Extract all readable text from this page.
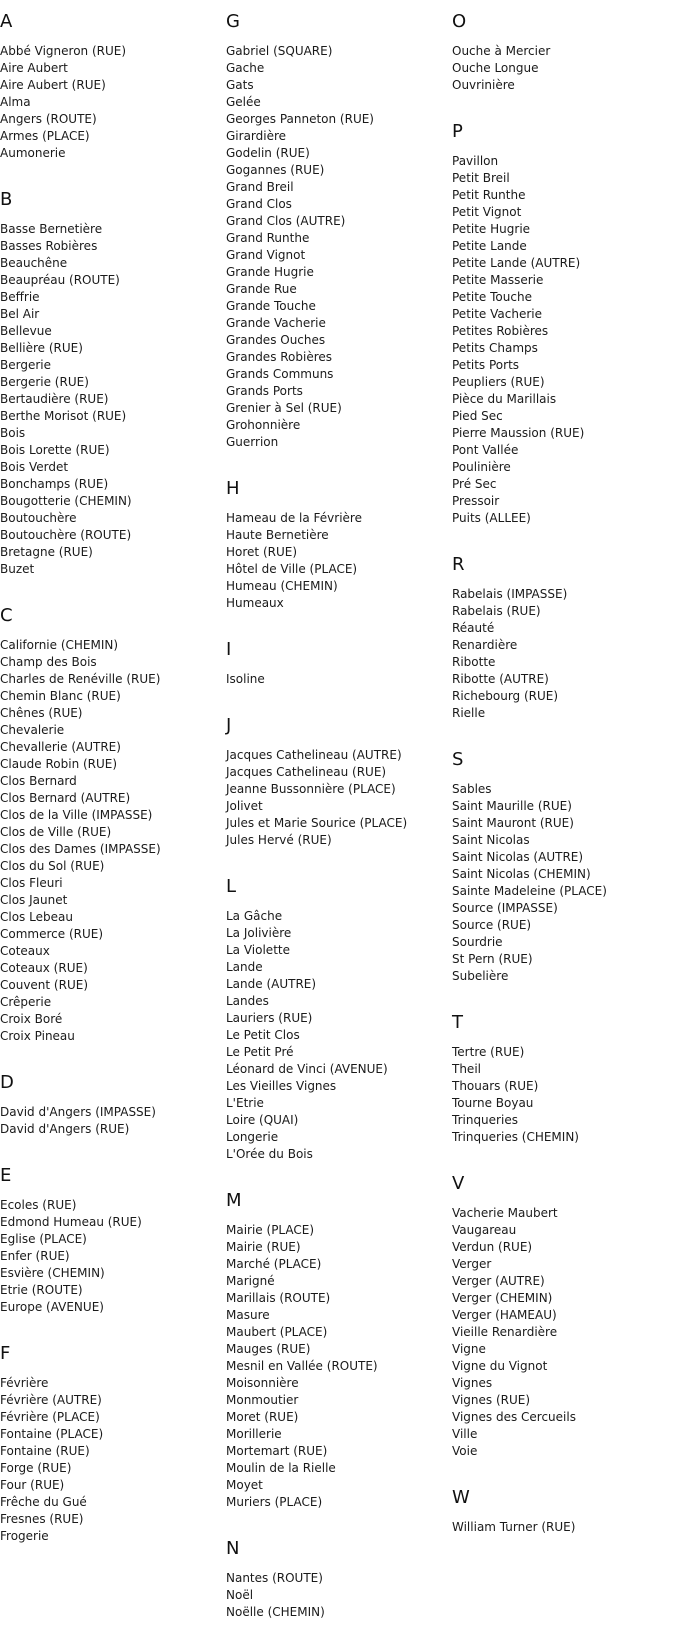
A
Abbé Vigneron (RUE)
Aire Aubert
Aire Aubert (RUE)
Alma
Angers (ROUTE)
Armes (PLACE)
Aumonerie
B
Basse Bernetière
Basses Robières
Beauchêne
Beaupréau (ROUTE)
Beffrie
Bel Air
Bellevue
Bellière (RUE)
Bergerie
Bergerie (RUE)
Bertaudière (RUE)
Berthe Morisot (RUE)
Bois
Bois Lorette (RUE)
Bois Verdet
Bonchamps (RUE)
Bougotterie (CHEMIN)
Boutouchère
Boutouchère (ROUTE)
Bretagne (RUE)
Buzet
C
Californie (CHEMIN)
Champ des Bois
Charles de Renéville (RUE)
Chemin Blanc (RUE)
Chênes (RUE)
Chevalerie
Chevallerie (AUTRE)
Claude Robin (RUE)
Clos Bernard
Clos Bernard (AUTRE)
Clos de la Ville (IMPASSE)
Clos de Ville (RUE)
Clos des Dames (IMPASSE)
Clos du Sol (RUE)
Clos Fleuri
Clos Jaunet
Clos Lebeau
Commerce (RUE)
Coteaux
Coteaux (RUE)
Couvent (RUE)
Crêperie
Croix Boré
Croix Pineau
D
David d'Angers (IMPASSE)
David d'Angers (RUE)
E
Ecoles (RUE)
Edmond Humeau (RUE)
Eglise (PLACE)
Enfer (RUE)
Esvière (CHEMIN)
Etrie (ROUTE)
Europe (AVENUE)
F
Févrière
Févrière (AUTRE)
Févrière (PLACE)
Fontaine (PLACE)
Fontaine (RUE)
Forge (RUE)
Four (RUE)
Frêche du Gué
Fresnes (RUE)
Frogerie
G
Gabriel (SQUARE)
Gache
Gats
Gelée
Georges Panneton (RUE)
Girardière
Godelin (RUE)
Gogannes (RUE)
Grand Breil
Grand Clos
Grand Clos (AUTRE)
Grand Runthe
Grand Vignot
Grande Hugrie
Grande Rue
Grande Touche
Grande Vacherie
Grandes Ouches
Grandes Robières
Grands Communs
Grands Ports
Grenier à Sel (RUE)
Grohonnière
Guerrion
H
Hameau de la Févrière
Haute Bernetière
Horet (RUE)
Hôtel de Ville (PLACE)
Humeau (CHEMIN)
Humeaux
I
Isoline
J
Jacques Cathelineau (AUTRE)
Jacques Cathelineau (RUE)
Jeanne Bussonnière (PLACE)
Jolivet
Jules et Marie Sourice (PLACE)
Jules Hervé (RUE)
L
La Gâche
La Jolivière
La Violette
Lande
Lande (AUTRE)
Landes
Lauriers (RUE)
Le Petit Clos
Le Petit Pré
Léonard de Vinci (AVENUE)
Les Vieilles Vignes
L'Etrie
Loire (QUAI)
Longerie
L'Orée du Bois
M
Mairie (PLACE)
Mairie (RUE)
Marché (PLACE)
Marigné
Marillais (ROUTE)
Masure
Maubert (PLACE)
Mauges (RUE)
Mesnil en Vallée (ROUTE)
Moisonnière
Monmoutier
Moret (RUE)
Morillerie
Mortemart (RUE)
Moulin de la Rielle
Moyet
Muriers (PLACE)
N
Nantes (ROUTE)
Noël
Noëlle (CHEMIN)
O
Ouche à Mercier
Ouche Longue
Ouvrinière
P
Pavillon
Petit Breil
Petit Runthe
Petit Vignot
Petite Hugrie
Petite Lande
Petite Lande (AUTRE)
Petite Masserie
Petite Touche
Petite Vacherie
Petites Robières
Petits Champs
Petits Ports
Peupliers (RUE)
Pièce du Marillais
Pied Sec
Pierre Maussion (RUE)
Pont Vallée
Poulinière
Pré Sec
Pressoir
Puits (ALLEE)
R
Rabelais (IMPASSE)
Rabelais (RUE)
Réauté
Renardière
Ribotte
Ribotte (AUTRE)
Richebourg (RUE)
Rielle
S
Sables
Saint Maurille (RUE)
Saint Mauront (RUE)
Saint Nicolas
Saint Nicolas (AUTRE)
Saint Nicolas (CHEMIN)
Sainte Madeleine (PLACE)
Source (IMPASSE)
Source (RUE)
Sourdrie
St Pern (RUE)
Subelière
T
Tertre (RUE)
Theil
Thouars (RUE)
Tourne Boyau
Trinqueries
Trinqueries (CHEMIN)
V
Vacherie Maubert
Vaugareau
Verdun (RUE)
Verger
Verger (AUTRE)
Verger (CHEMIN)
Verger (HAMEAU)
Vieille Renardière
Vigne
Vigne du Vignot
Vignes
Vignes (RUE)
Vignes des Cercueils
Ville
Voie
W
William Turner (RUE)
